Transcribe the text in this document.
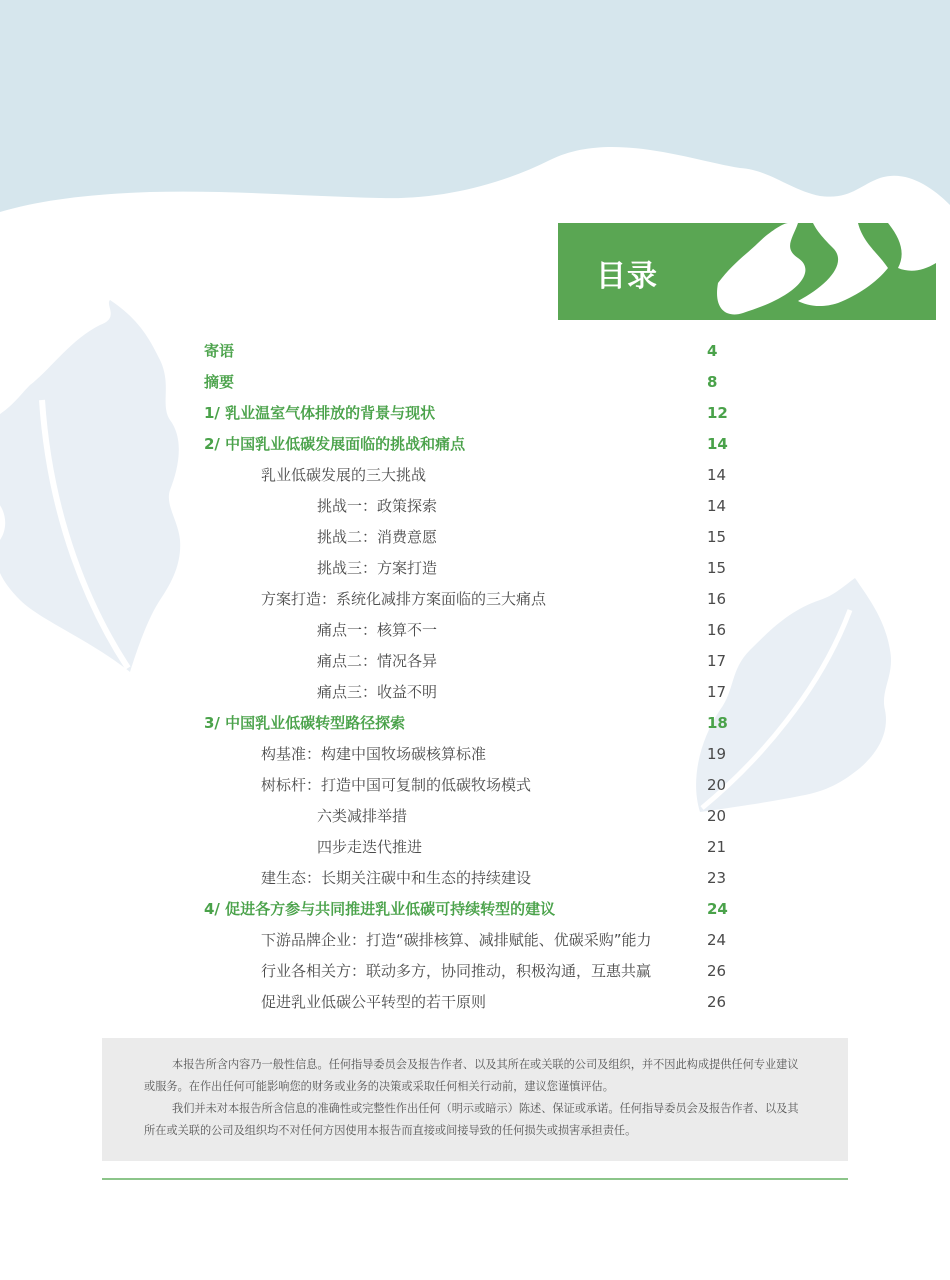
目录
寄语	4
摘要	8
1/ 乳业温室气体排放的背景与现状	12
2/ 中国乳业低碳发展面临的挑战和痛点	14
乳业低碳发展的三大挑战	14
挑战一：政策探索	14
挑战二：消费意愿	15
挑战三：方案打造	15
方案打造：系统化减排方案面临的三大痛点	16
痛点一：核算不一	16
痛点二：情况各异	17
痛点三：收益不明	17
3/ 中国乳业低碳转型路径探索	18
构基准：构建中国牧场碳核算标准	19
树标杆：打造中国可复制的低碳牧场模式	20
六类减排举措	20
四步走迭代推进	21
建生态：长期关注碳中和生态的持续建设	23
4/ 促进各方参与共同推进乳业低碳可持续转型的建议	24
下游品牌企业：打造“碳排核算、减排赋能、优碳采购”能力	24
行业各相关方：联动多方，协同推动，积极沟通，互惠共赢	26
促进乳业低碳公平转型的若干原则	26

本报告所含内容乃一般性信息。任何指导委员会及报告作者、以及其所在或关联的公司及组织，并不因此构成提供任何专业建议或服务。在作出任何可能影响您的财务或业务的决策或采取任何相关行动前，建议您谨慎评估。

我们并未对本报告所含信息的准确性或完整性作出任何（明示或暗示）陈述、保证或承诺。任何指导委员会及报告作者、以及其所在或关联的公司及组织均不对任何方因使用本报告而直接或间接导致的任何损失或损害承担责任。
